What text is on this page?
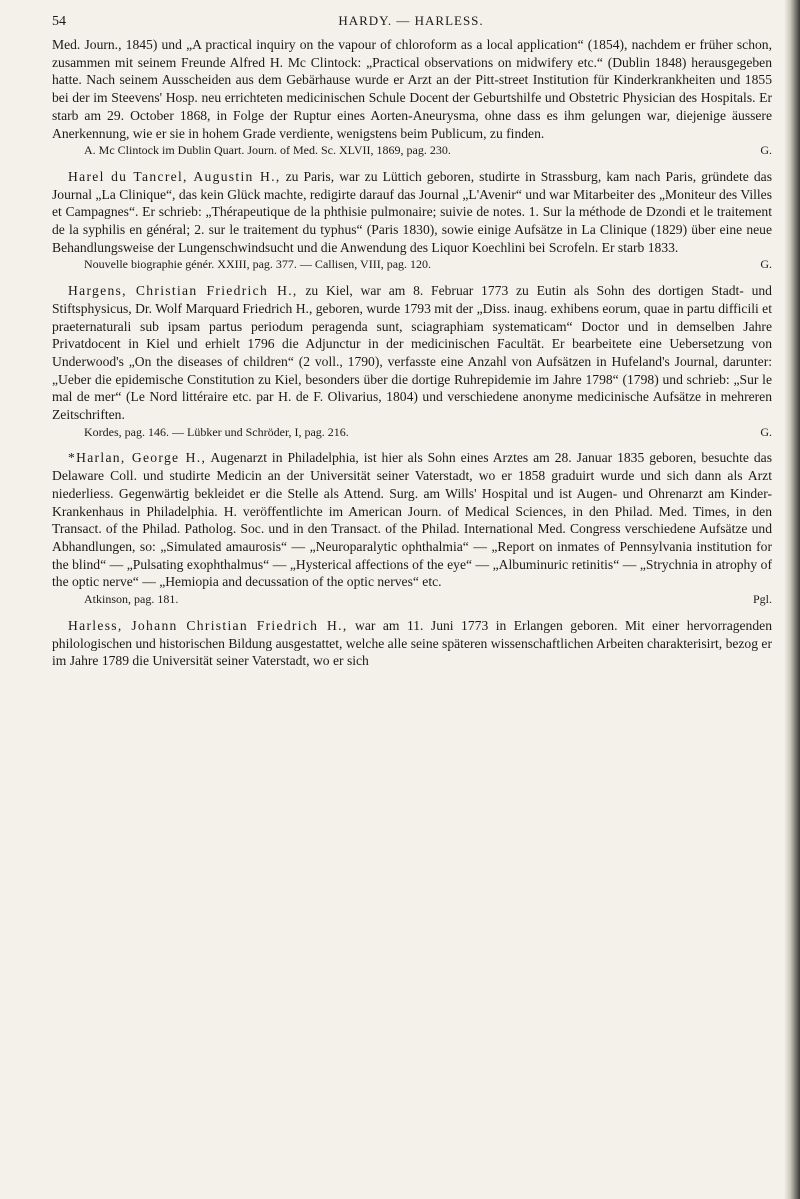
54	HARDY. — HARLESS.

Med. Journ., 1845) und „A practical inquiry on the vapour of chloroform as a local application“ (1854), nachdem er früher schon, zusammen mit seinem Freunde Alfred H. Mc Clintock: „Practical observations on midwifery etc.“ (Dublin 1848) herausgegeben hatte. Nach seinem Ausscheiden aus dem Gebärhause wurde er Arzt an der Pitt-street Institution für Kinderkrankheiten und 1855 bei der im Steevens' Hosp. neu errichteten medicinischen Schule Docent der Geburtshilfe und Obstetric Physician des Hospitals. Er starb am 29. October 1868, in Folge der Ruptur eines Aorten-Aneurysma, ohne dass es ihm gelungen war, diejenige äussere Anerkennung, wie er sie in hohem Grade verdiente, wenigstens beim Publicum, zu finden.

A. Mc Clintock im Dublin Quart. Journ. of Med. Sc. XLVII, 1869, pag. 230.	G.

Harel du Tancrel, Augustin H., zu Paris, war zu Lüttich geboren, studirte in Strassburg, kam nach Paris, gründete das Journal „La Clinique“, das kein Glück machte, redigirte darauf das Journal „L'Avenir“ und war Mitarbeiter des „Moniteur des Villes et Campagnes“. Er schrieb: „Thérapeutique de la phthisie pulmonaire; suivie de notes. 1. Sur la méthode de Dzondi et le traitement de la syphilis en général; 2. sur le traitement du typhus“ (Paris 1830), sowie einige Aufsätze in La Clinique (1829) über eine neue Behandlungsweise der Lungenschwindsucht und die Anwendung des Liquor Koechlini bei Scrofeln. Er starb 1833.

Nouvelle biographie génér. XXIII, pag. 377. — Callisen, VIII, pag. 120.	G.

Hargens, Christian Friedrich H., zu Kiel, war am 8. Februar 1773 zu Eutin als Sohn des dortigen Stadt- und Stiftsphysicus, Dr. Wolf Marquard Friedrich H., geboren, wurde 1793 mit der „Diss. inaug. exhibens eorum, quae in partu difficili et praeternaturali sub ipsam partus periodum peragenda sunt, sciagraphiam systematicam“ Doctor und in demselben Jahre Privatdocent in Kiel und erhielt 1796 die Adjunctur in der medicinischen Facultät. Er bearbeitete eine Uebersetzung von Underwood's „On the diseases of children“ (2 voll., 1790), verfasste eine Anzahl von Aufsätzen in Hufeland's Journal, darunter: „Ueber die epidemische Constitution zu Kiel, besonders über die dortige Ruhrepidemie im Jahre 1798“ (1798) und schrieb: „Sur le mal de mer“ (Le Nord littéraire etc. par H. de F. Olivarius, 1804) und verschiedene anonyme medicinische Aufsätze in mehreren Zeitschriften.

Kordes, pag. 146. — Lübker und Schröder, I, pag. 216.	G.

*Harlan, George H., Augenarzt in Philadelphia, ist hier als Sohn eines Arztes am 28. Januar 1835 geboren, besuchte das Delaware Coll. und studirte Medicin an der Universität seiner Vaterstadt, wo er 1858 graduirt wurde und sich dann als Arzt niederliess. Gegenwärtig bekleidet er die Stelle als Attend. Surg. am Wills' Hospital und ist Augen- und Ohrenarzt am Kinder-Krankenhaus in Philadelphia. H. veröffentlichte im American Journ. of Medical Sciences, in den Philad. Med. Times, in den Transact. of the Philad. Patholog. Soc. und in den Transact. of the Philad. International Med. Congress verschiedene Aufsätze und Abhandlungen, so: „Simulated amaurosis“ — „Neuroparalytic ophthalmia“ — „Report on inmates of Pennsylvania institution for the blind“ — „Pulsating exophthalmus“ — „Hysterical affections of the eye“ — „Albuminuric retinitis“ — „Strychnia in atrophy of the optic nerve“ — „Hemiopia and decussation of the optic nerves“ etc.

Atkinson, pag. 181.	Pgl.

Harless, Johann Christian Friedrich H., war am 11. Juni 1773 in Erlangen geboren. Mit einer hervorragenden philologischen und historischen Bildung ausgestattet, welche alle seine späteren wissenschaftlichen Arbeiten charakterisirt, bezog er im Jahre 1789 die Universität seiner Vaterstadt, wo er sich
